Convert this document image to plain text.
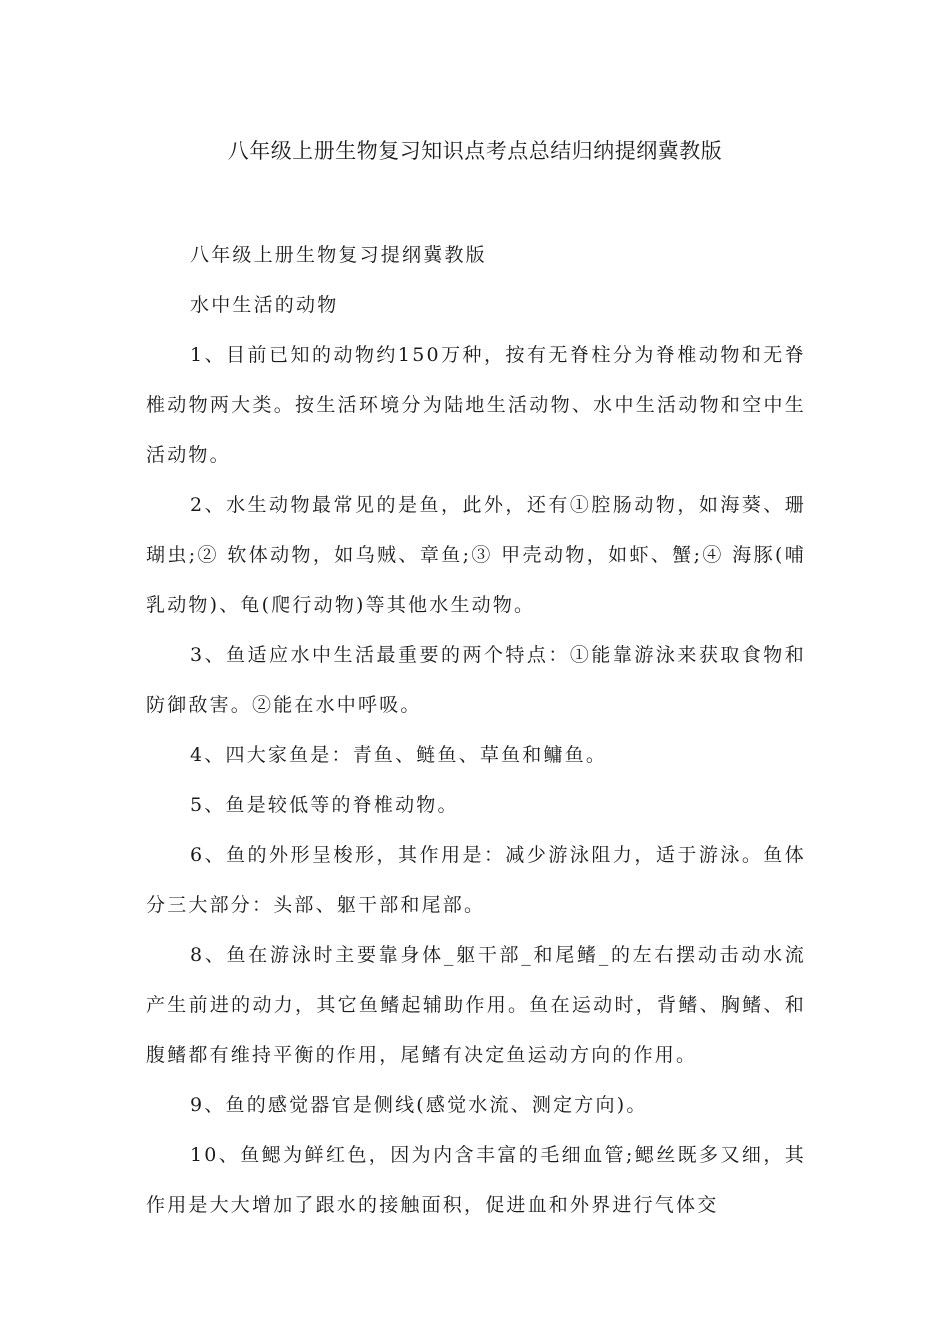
八年级上册生物复习知识点考点总结归纳提纲冀教版

八年级上册生物复习提纲冀教版

水中生活的动物

1、目前已知的动物约150万种，按有无脊柱分为脊椎动物和无脊椎动物两大类。按生活环境分为陆地生活动物、水中生活动物和空中生活动物。

2、水生动物最常见的是鱼，此外，还有①腔肠动物，如海葵、珊瑚虫;② 软体动物，如乌贼、章鱼;③ 甲壳动物，如虾、蟹;④ 海豚(哺乳动物)、龟(爬行动物)等其他水生动物。

3、鱼适应水中生活最重要的两个特点：①能靠游泳来获取食物和防御敌害。②能在水中呼吸。

4、四大家鱼是：青鱼、鲢鱼、草鱼和鳙鱼。

5、鱼是较低等的脊椎动物。

6、鱼的外形呈梭形，其作用是：减少游泳阻力，适于游泳。鱼体分三大部分：头部、躯干部和尾部。

8、鱼在游泳时主要靠身体_躯干部_和尾鳍_的左右摆动击动水流产生前进的动力，其它鱼鳍起辅助作用。鱼在运动时，背鳍、胸鳍、和腹鳍都有维持平衡的作用，尾鳍有决定鱼运动方向的作用。

9、鱼的感觉器官是侧线(感觉水流、测定方向)。

10、鱼鳃为鲜红色，因为内含丰富的毛细血管;鳃丝既多又细，其作用是大大增加了跟水的接触面积，促进血和外界进行气体交
